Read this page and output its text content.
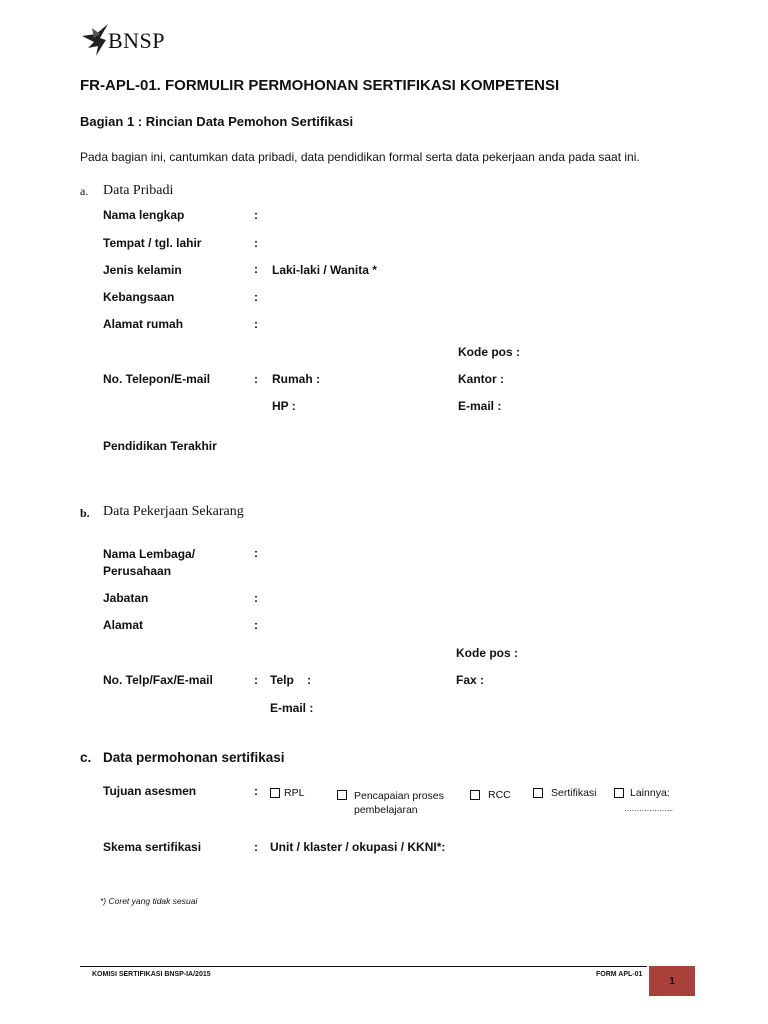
BNSP
FR-APL-01. FORMULIR PERMOHONAN SERTIFIKASI KOMPETENSI
Bagian 1 : Rincian Data Pemohon Sertifikasi
Pada bagian ini, cantumkan data pribadi, data pendidikan formal serta data pekerjaan anda pada saat ini.
a. Data Pribadi
Nama lengkap	:
Tempat / tgl. lahir	:
Jenis kelamin	: Laki-laki / Wanita *
Kebangsaan	:
Alamat rumah	:
Kode pos :
No. Telepon/E-mail	: Rumah :	Kantor :
HP :	E-mail :
Pendidikan Terakhir
b. Data Pekerjaan Sekarang
Nama Lembaga/
Perusahaan
:
Jabatan	:
Alamat	:
Kode pos :
No. Telp/Fax/E-mail	: Telp    :	Fax :
E-mail :
c. Data permohonan sertifikasi
Tujuan asesmen	: RPL	Pencapaian proses
pembelajaran
RCC	Sertifikasi	Lainnya:
………………..
Skema sertifikasi	: Unit / klaster / okupasi / KKNI*:
*) Coret yang tidak sesuai
KOMISI SERTIFIKASI BNSP-IA/2015	FORM APL-01
1
